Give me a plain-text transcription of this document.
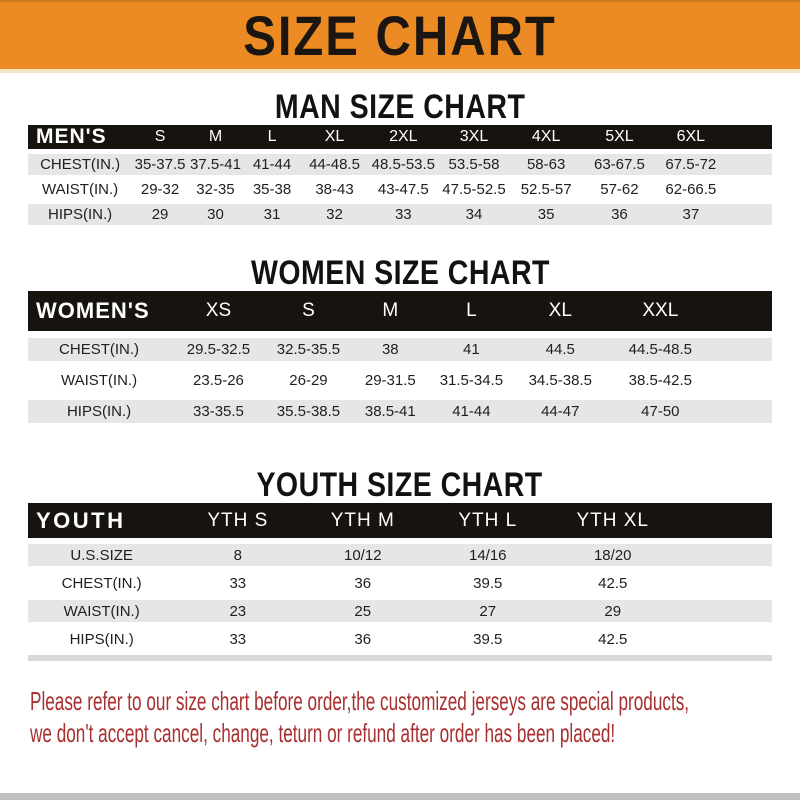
SIZE CHART
MAN SIZE CHART
MEN'S	S	M	L	XL	2XL	3XL	4XL	5XL	6XL	
CHEST(IN.)	35-37.5	37.5-41	41-44	44-48.5	48.5-53.5	53.5-58	58-63	63-67.5	67.5-72	
WAIST(IN.)	29-32	32-35	35-38	38-43	43-47.5	47.5-52.5	52.5-57	57-62	62-66.5	
HIPS(IN.)	29	30	31	32	33	34	35	36	37	
WOMEN SIZE CHART
WOMEN'S	XS	S	M	L	XL	XXL	
CHEST(IN.)	29.5-32.5	32.5-35.5	38	41	44.5	44.5-48.5	
WAIST(IN.)	23.5-26	26-29	29-31.5	31.5-34.5	34.5-38.5	38.5-42.5	
HIPS(IN.)	33-35.5	35.5-38.5	38.5-41	41-44	44-47	47-50	
YOUTH SIZE CHART
YOUTH	YTH S	YTH M	YTH L	YTH XL	
U.S.SIZE	8	10/12	14/16	18/20	
CHEST(IN.)	33	36	39.5	42.5	
WAIST(IN.)	23	25	27	29	
HIPS(IN.)	33	36	39.5	42.5	
Please refer to our size chart before order,the customized jerseys are special products,
we don't accept cancel, change, teturn or refund after order has been placed!
